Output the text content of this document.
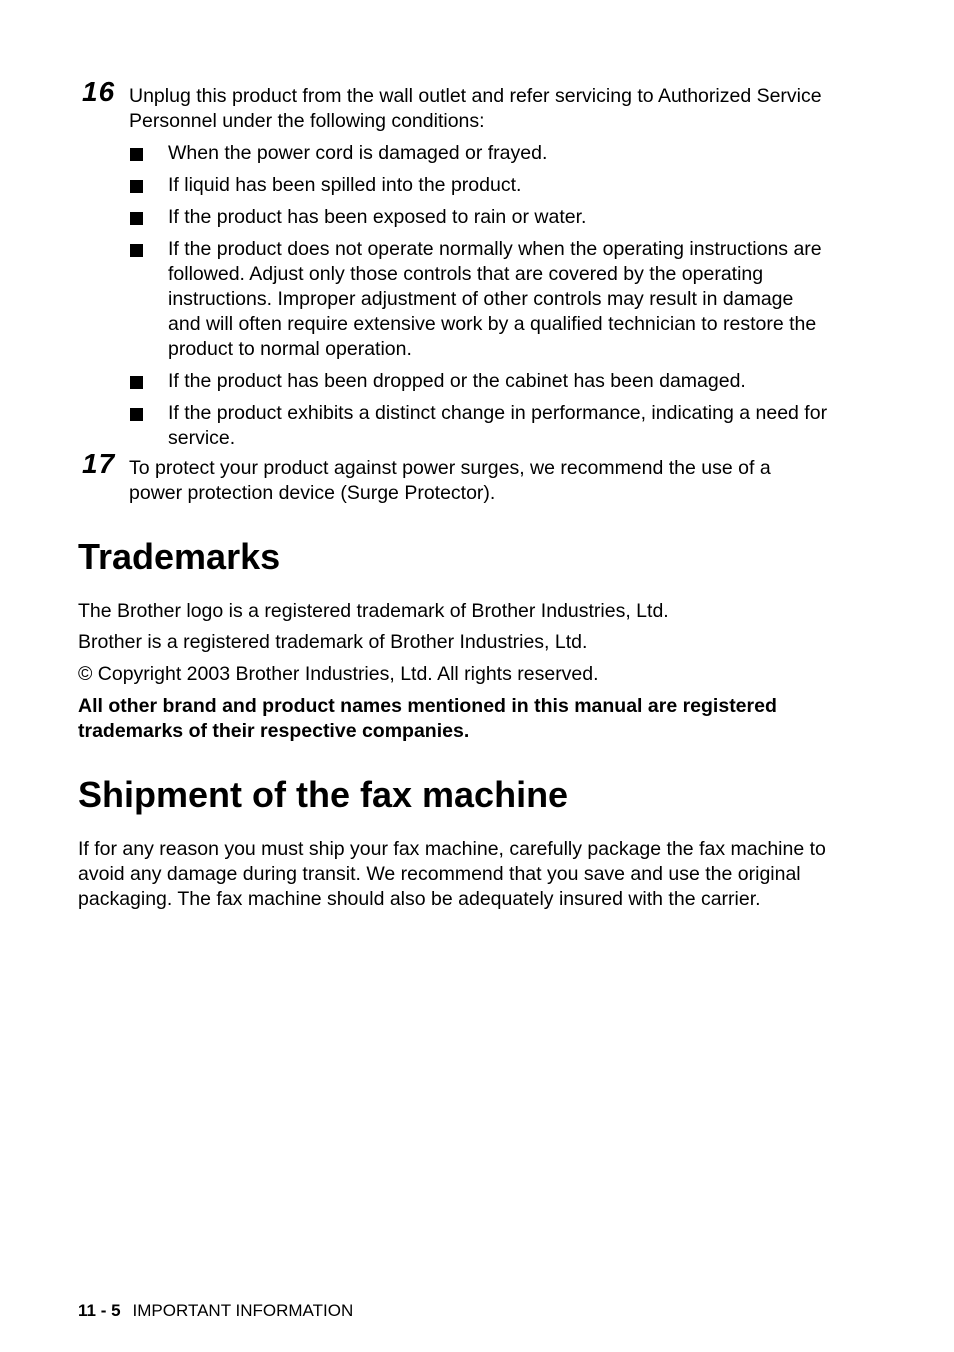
16 Unplug this product from the wall outlet and refer servicing to Authorized Service Personnel under the following conditions:
When the power cord is damaged or frayed.
If liquid has been spilled into the product.
If the product has been exposed to rain or water.
If the product does not operate normally when the operating instructions are followed. Adjust only those controls that are covered by the operating instructions. Improper adjustment of other controls may result in damage and will often require extensive work by a qualified technician to restore the product to normal operation.
If the product has been dropped or the cabinet has been damaged.
If the product exhibits a distinct change in performance, indicating a need for service.
17 To protect your product against power surges, we recommend the use of a power protection device (Surge Protector).
Trademarks

The Brother logo is a registered trademark of Brother Industries, Ltd.

Brother is a registered trademark of Brother Industries, Ltd.

© Copyright 2003 Brother Industries, Ltd. All rights reserved.

All other brand and product names mentioned in this manual are registered trademarks of their respective companies.

Shipment of the fax machine

If for any reason you must ship your fax machine, carefully package the fax machine to avoid any damage during transit. We recommend that you save and use the original packaging. The fax machine should also be adequately insured with the carrier.

11 - 5 IMPORTANT INFORMATION
